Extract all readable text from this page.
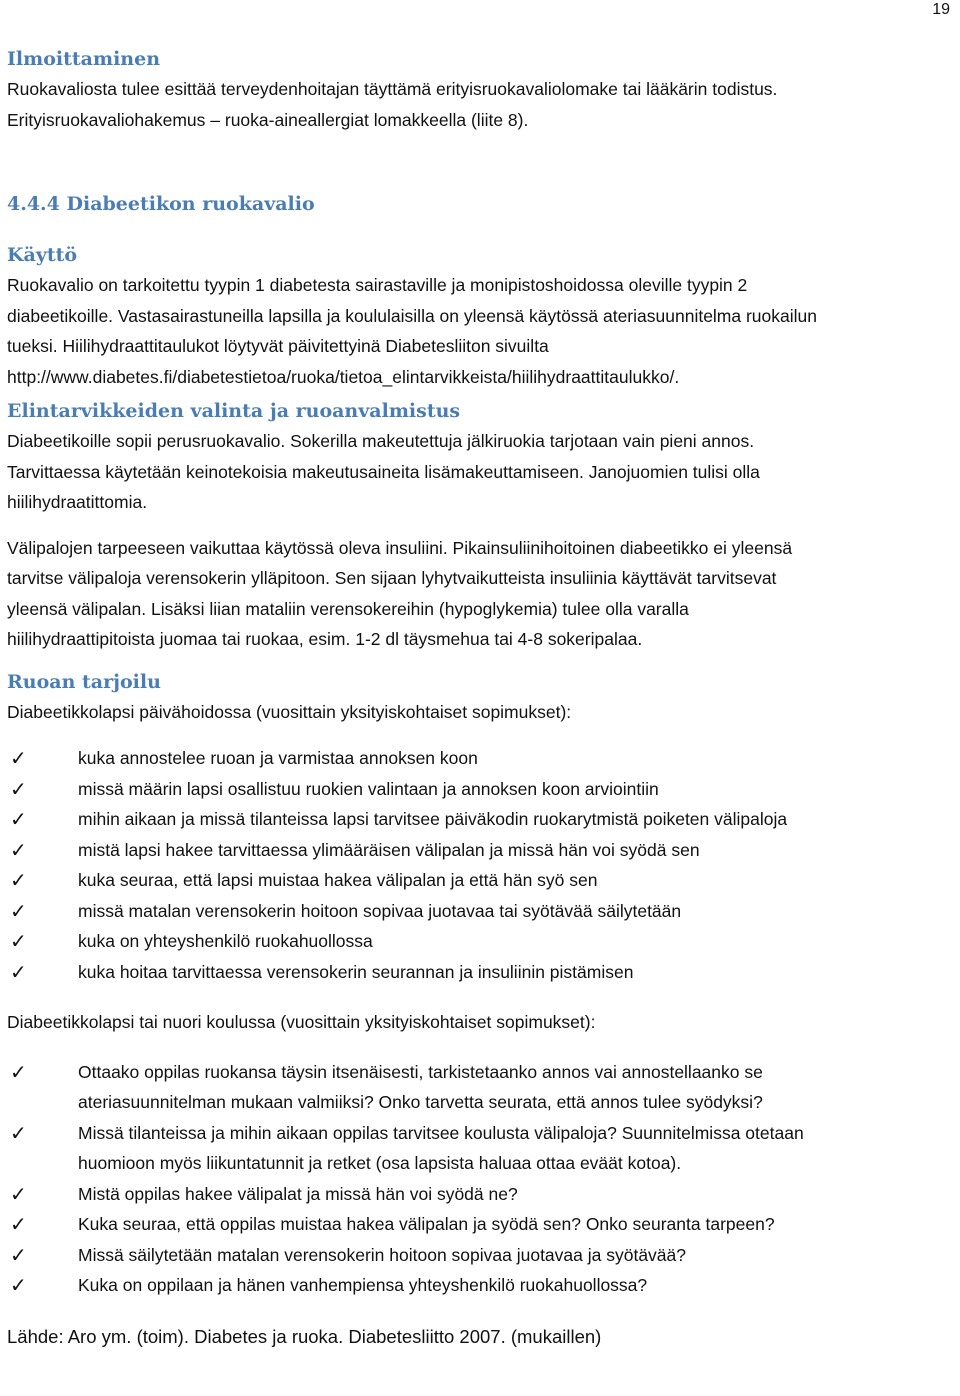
19
Ilmoittaminen

Ruokavaliosta tulee esittää terveydenhoitajan täyttämä erityisruokavaliolomake tai lääkärin todistus.

Erityisruokavaliohakemus – ruoka-aineallergiat lomakkeella (liite 8).

4.4.4 Diabeetikon ruokavalio
Käyttö

Ruokavalio on tarkoitettu tyypin 1 diabetesta sairastaville ja monipistoshoidossa oleville tyypin 2

diabeetikoille. Vastasairastuneilla lapsilla ja koululaisilla on yleensä käytössä ateriasuunnitelma ruokailun

tueksi. Hiilihydraattitaulukot löytyvät päivitettyinä Diabetesliiton sivuilta

http://www.diabetes.fi/diabetestietoa/ruoka/tietoa_elintarvikkeista/hiilihydraattitaulukko/.

Elintarvikkeiden valinta ja ruoanvalmistus

Diabeetikoille sopii perusruokavalio. Sokerilla makeutettuja jälkiruokia tarjotaan vain pieni annos.

Tarvittaessa käytetään keinotekoisia makeutusaineita lisämakeuttamiseen. Janojuomien tulisi olla

hiilihydraatittomia.

Välipalojen tarpeeseen vaikuttaa käytössä oleva insuliini. Pikainsuliinihoitoinen diabeetikko ei yleensä

tarvitse välipaloja verensokerin ylläpitoon. Sen sijaan lyhytvaikutteista insuliinia käyttävät tarvitsevat

yleensä välipalan. Lisäksi liian mataliin verensokereihin (hypoglykemia) tulee olla varalla

hiilihydraattipitoista juomaa tai ruokaa, esim. 1-2 dl täysmehua tai 4-8 sokeripalaa.

Ruoan tarjoilu

Diabeetikkolapsi päivähoidossa (vuosittain yksityiskohtaiset sopimukset):

✓	kuka annostelee ruoan ja varmistaa annoksen koon
✓	missä määrin lapsi osallistuu ruokien valintaan ja annoksen koon arviointiin
✓	mihin aikaan ja missä tilanteissa lapsi tarvitsee päiväkodin ruokarytmistä poiketen välipaloja
✓	mistä lapsi hakee tarvittaessa ylimääräisen välipalan ja missä hän voi syödä sen
✓	kuka seuraa, että lapsi muistaa hakea välipalan ja että hän syö sen
✓	missä matalan verensokerin hoitoon sopivaa juotavaa tai syötävää säilytetään
✓	kuka on yhteyshenkilö ruokahuollossa
✓	kuka hoitaa tarvittaessa verensokerin seurannan ja insuliinin pistämisen

Diabeetikkolapsi tai nuori koulussa (vuosittain yksityiskohtaiset sopimukset):

✓	Ottaako oppilas ruokansa täysin itsenäisesti, tarkistetaanko annos vai annostellaanko se
ateriasuunnitelman mukaan valmiiksi? Onko tarvetta seurata, että annos tulee syödyksi?
✓	Missä tilanteissa ja mihin aikaan oppilas tarvitsee koulusta välipaloja? Suunnitelmissa otetaan
huomioon myös liikuntatunnit ja retket (osa lapsista haluaa ottaa eväät kotoa).
✓	Mistä oppilas hakee välipalat ja missä hän voi syödä ne?
✓	Kuka seuraa, että oppilas muistaa hakea välipalan ja syödä sen? Onko seuranta tarpeen?
✓	Missä säilytetään matalan verensokerin hoitoon sopivaa juotavaa ja syötävää?
✓	Kuka on oppilaan ja hänen vanhempiensa yhteyshenkilö ruokahuollossa?

Lähde: Aro ym. (toim). Diabetes ja ruoka. Diabetesliitto 2007. (mukaillen)
